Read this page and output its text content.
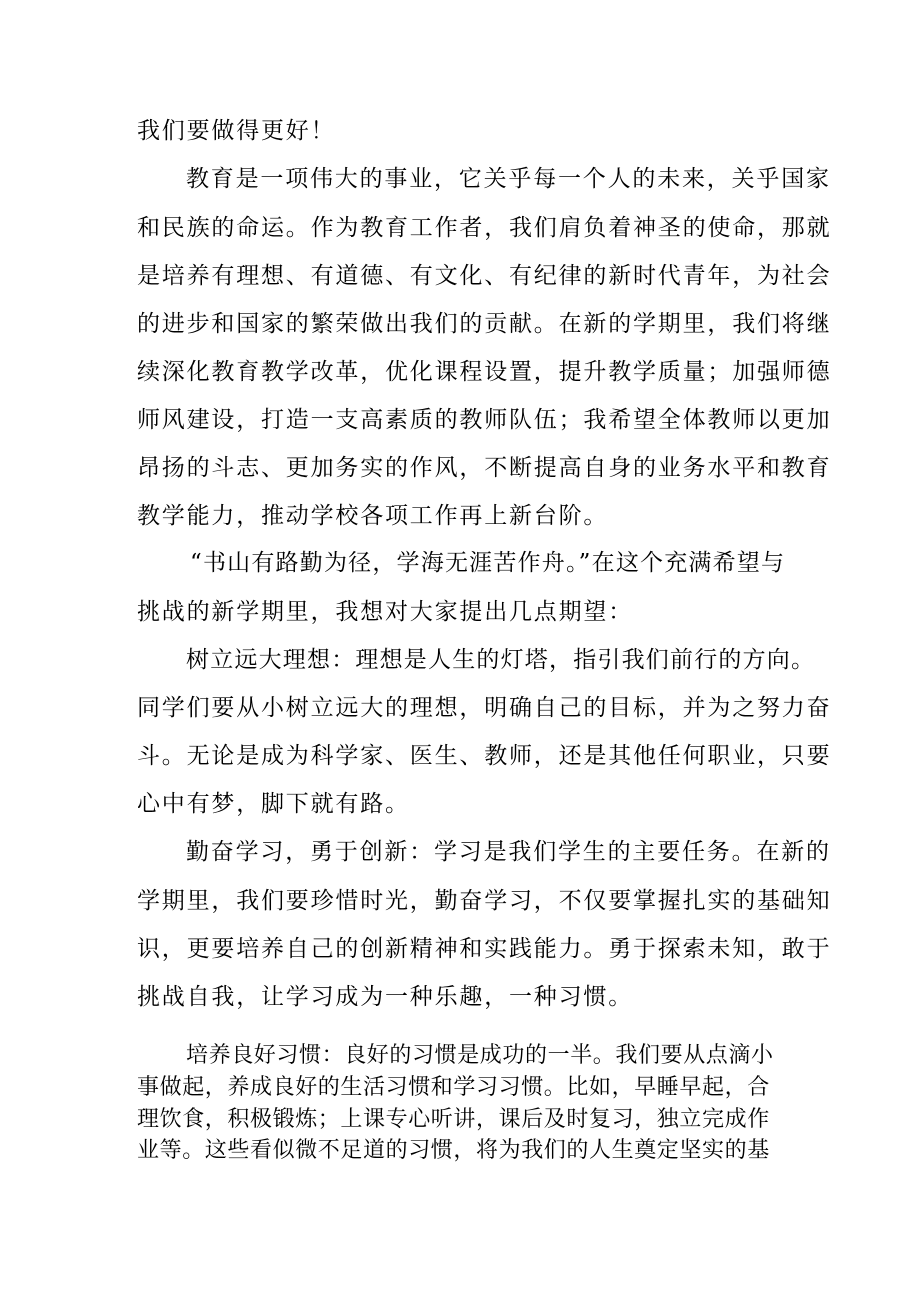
我们要做得更好！
教育是一项伟大的事业，它关乎每一个人的未来，关乎国家
和民族的命运。作为教育工作者，我们肩负着神圣的使命，那就
是培养有理想、有道德、有文化、有纪律的新时代青年，为社会
的进步和国家的繁荣做出我们的贡献。在新的学期里，我们将继
续深化教育教学改革，优化课程设置，提升教学质量；加强师德
师风建设，打造一支高素质的教师队伍；我希望全体教师以更加
昂扬的斗志、更加务实的作风，不断提高自身的业务水平和教育
教学能力，推动学校各项工作再上新台阶。
“书山有路勤为径，学海无涯苦作舟。”在这个充满希望与
挑战的新学期里，我想对大家提出几点期望：
树立远大理想：理想是人生的灯塔，指引我们前行的方向。
同学们要从小树立远大的理想，明确自己的目标，并为之努力奋
斗。无论是成为科学家、医生、教师，还是其他任何职业，只要
心中有梦，脚下就有路。
勤奋学习，勇于创新：学习是我们学生的主要任务。在新的
学期里，我们要珍惜时光，勤奋学习，不仅要掌握扎实的基础知
识，更要培养自己的创新精神和实践能力。勇于探索未知，敢于
挑战自我，让学习成为一种乐趣，一种习惯。
培养良好习惯：良好的习惯是成功的一半。我们要从点滴小
事做起，养成良好的生活习惯和学习习惯。比如，早睡早起，合
理饮食，积极锻炼；上课专心听讲，课后及时复习，独立完成作
业等。这些看似微不足道的习惯，将为我们的人生奠定坚实的基
